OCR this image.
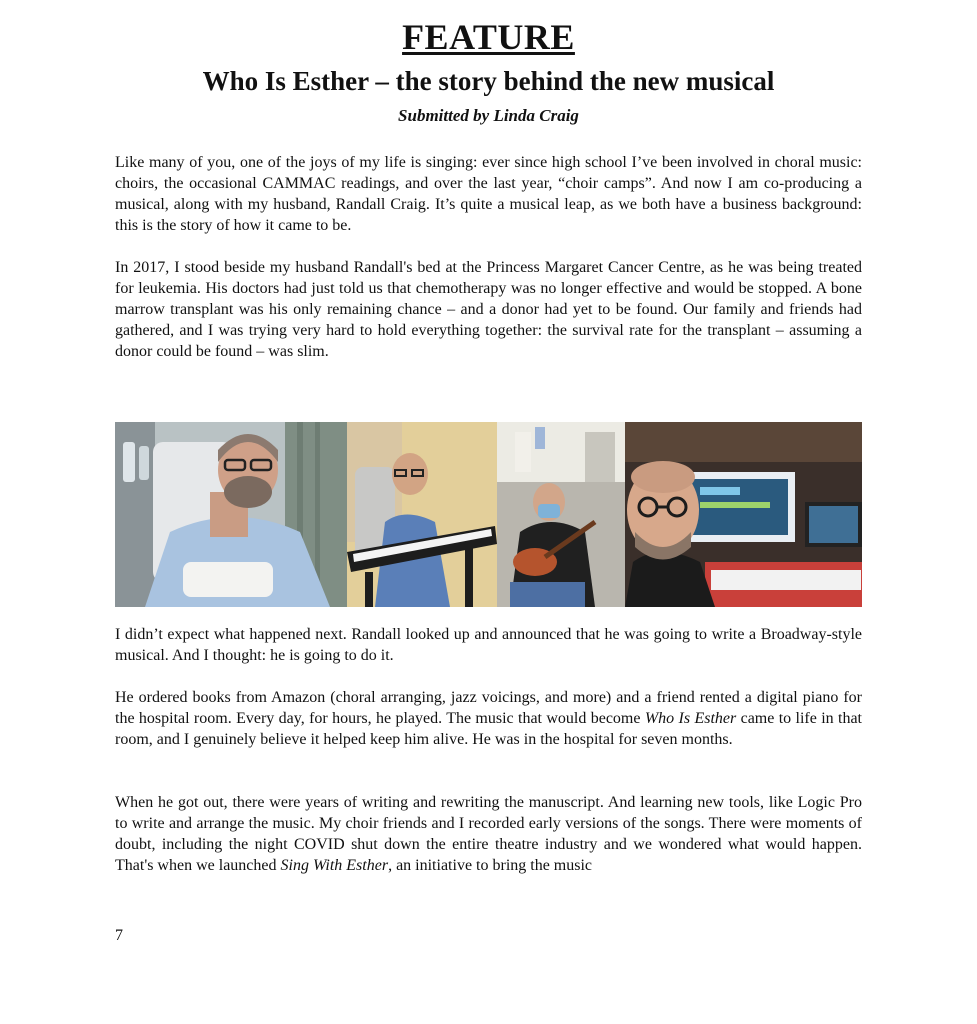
FEATURE
Who Is Esther – the story behind the new musical

Submitted by Linda Craig

Like many of you, one of the joys of my life is singing: ever since high school I’ve been involved in choral music: choirs, the occasional CAMMAC readings, and over the last year, “choir camps”. And now I am co-producing a musical, along with my husband, Randall Craig. It’s quite a musical leap, as we both have a business background: this is the story of how it came to be.

In 2017, I stood beside my husband Randall's bed at the Princess Margaret Cancer Centre, as he was being treated for leukemia. His doctors had just told us that chemotherapy was no longer effective and would be stopped. A bone marrow transplant was his only remaining chance – and a donor had yet to be found. Our family and friends had gathered, and I was trying very hard to hold everything together: the survival rate for the transplant – assuming a donor could be found – was slim.

I didn’t expect what happened next. Randall looked up and announced that he was going to write a Broadway-style musical. And I thought: he is going to do it.

He ordered books from Amazon (choral arranging, jazz voicings, and more) and a friend rented a digital piano for the hospital room. Every day, for hours, he played. The music that would become Who Is Esther came to life in that room, and I genuinely believe it helped keep him alive. He was in the hospital for seven months.

When he got out, there were years of writing and rewriting the manuscript. And learning new tools, like Logic Pro to write and arrange the music. My choir friends and I recorded early versions of the songs. There were moments of doubt, including the night COVID shut down the entire theatre industry and we wondered what would happen. That's when we launched Sing With Esther, an initiative to bring the music

7
